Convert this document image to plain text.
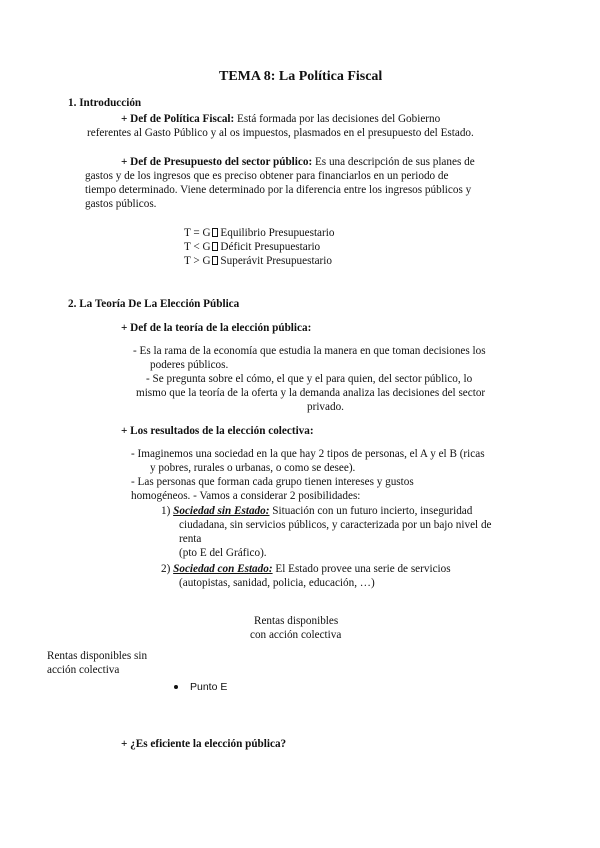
TEMA 8: La Política Fiscal
1. Introducción
+ Def de Política Fiscal: Está formada por las decisiones del Gobierno
referentes al Gasto Público y al os impuestos, plasmados en el presupuesto del Estado.
+ Def de Presupuesto del sector público: Es una descripción de sus planes de
gastos y de los ingresos que es preciso obtener para financiarlos en un periodo de
tiempo determinado. Viene determinado por la diferencia entre los ingresos públicos y
gastos públicos.
T = G Equilibrio Presupuestario
T < G Déficit Presupuestario
T > G Superávit Presupuestario
2. La Teoría De La Elección Pública
+ Def de la teoría de la elección pública:
- Es la rama de la economía que estudia la manera en que toman decisiones los
poderes públicos.
- Se pregunta sobre el cómo, el que y el para quien, del sector público, lo
mismo que la teoría de la oferta y la demanda analiza las decisiones del sector
privado.
+ Los resultados de la elección colectiva:
- Imaginemos una sociedad en la que hay 2 tipos de personas, el A y el B (ricas
y pobres, rurales o urbanas, o como se desee).
- Las personas que forman cada grupo tienen intereses y gustos
homogéneos. - Vamos a considerar 2 posibilidades:
1) Sociedad sin Estado: Situación con un futuro incierto, inseguridad
ciudadana, sin servicios públicos, y caracterizada por un bajo nivel de
renta
(pto E del Gráfico).
2) Sociedad con Estado: El Estado provee una serie de servicios
(autopistas, sanidad, policia, educación, …)
Rentas disponibles
con acción colectiva
Rentas disponibles sin
acción colectiva
Punto E
+ ¿Es eficiente la elección pública?
